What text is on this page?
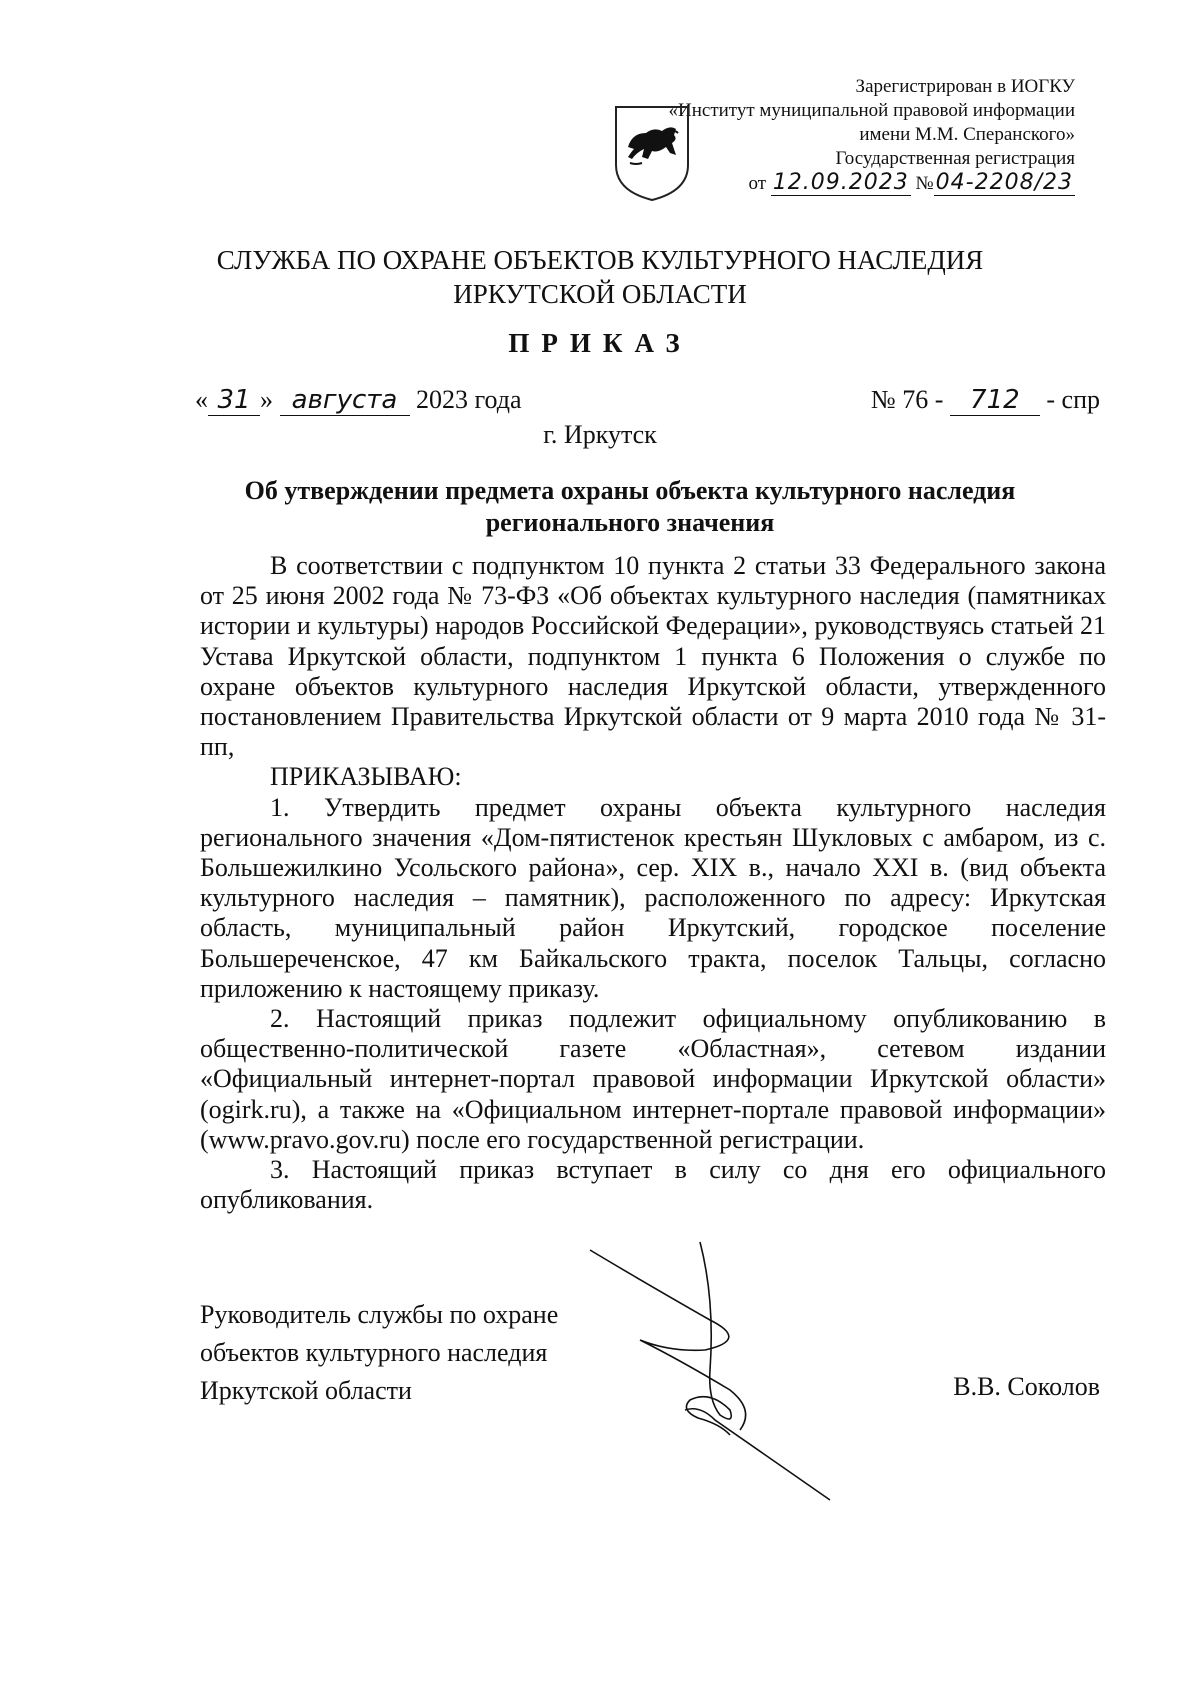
Зарегистрирован в ИОГКУ
«Институт муниципальной правовой информации
имени М.М. Сперанского»
Государственная регистрация
от 12.09.2023 №04-2208/23
СЛУЖБА ПО ОХРАНЕ ОБЪЕКТОВ КУЛЬТУРНОГО НАСЛЕДИЯ
ИРКУТСКОЙ ОБЛАСТИ
ПРИКАЗ
« 31 » августа 2023 года	№ 76 - 712 - спр
г. Иркутск
Об утверждении предмета охраны объекта культурного наследия
регионального значения

В соответствии с подпунктом 10 пункта 2 статьи 33 Федерального закона от 25 июня 2002 года № 73-ФЗ «Об объектах культурного наследия (памятниках истории и культуры) народов Российской Федерации», руководствуясь статьей 21 Устава Иркутской области, подпунктом 1 пункта 6 Положения о службе по охране объектов культурного наследия Иркутской области, утвержденного постановлением Правительства Иркутской области от 9 марта 2010 года № 31-пп,

ПРИКАЗЫВАЮ:

1. Утвердить предмет охраны объекта культурного наследия регионального значения «Дом-пятистенок крестьян Шукловых с амбаром, из с. Большежилкино Усольского района», сер. XIX в., начало XXI в. (вид объекта культурного наследия – памятник), расположенного по адресу: Иркутская область, муниципальный район Иркутский, городское поселение Большереченское, 47 км Байкальского тракта, поселок Тальцы, согласно приложению к настоящему приказу.

2. Настоящий приказ подлежит официальному опубликованию в общественно-политической газете «Областная», сетевом издании «Официальный интернет-портал правовой информации Иркутской области» (ogirk.ru), а также на «Официальном интернет-портале правовой информации» (www.pravo.gov.ru) после его государственной регистрации.

3. Настоящий приказ вступает в силу со дня его официального опубликования.

Руководитель службы по охране
объектов культурного наследия
Иркутской области	В.В. Соколов
